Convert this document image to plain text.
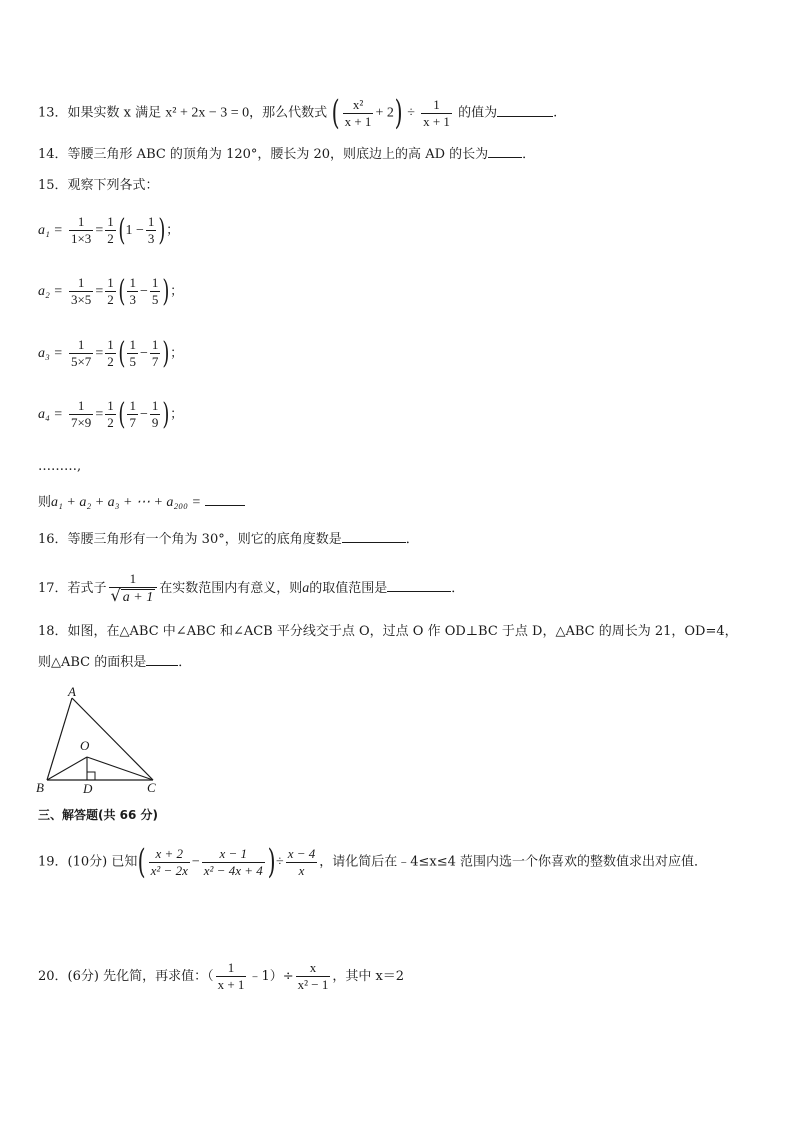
13．如果实数 x 满足 x² + 2x − 3 = 0，那么代数式 ( $\frac{\text{x²}}{x + 1} + 2) \div \frac{1}{x + 1}$ 的值为	.
14．等腰三角形 ABC 的顶角为 120°，腰长为 20，则底边上的高 AD 的长为	．
15．观察下列各式：
$a_1 = \frac{1}{1\times 3} = \frac{1}{2} (1 - \frac{1}{3}$ )；
$a_2 = \frac{1}{3\times 5} = \frac{1}{2}$ ( $\frac{1}{3} - \frac{1}{5}$ )；
$a_3 = \frac{1}{5\times 7} = \frac{1}{2}$ ( $\frac{1}{5} - \frac{1}{7}$ )；
$a_4 = \frac{1}{7\times 9} = \frac{1}{2}$ ( $\frac{1}{7} - \frac{1}{9}$ )；
………,
则a₁ + a₂ + a₃ + ⋯ + a₂₀₀ =
16．等腰三角形有一个角为 30°，则它的底角度数是	．
17．若式子 $\frac{1}{√ a + 1}$ 在实数范围内有意义，则a的取值范围是	．
18．如图，在△ABC 中∠ABC 和∠ACB 平分线交于点 O，过点 O 作 OD⊥BC 于点 D，△ABC 的周长为 21，OD=4，
则△ABC 的面积是 ．
A
B	C
O
D
三、解答题(共 66 分)
19．(10分) 已知( $\frac{x + 2}{\text{x² − 2x}} - \frac{x - 1}{\text{x² − 4x + 4}}$ )÷ $\frac{x - 4}{x}$ ，请化简后在﹣4≤x≤4 范围内选一个你喜欢的整数值求出对应值．
20．(6分) 先化简，再求值：（ $\frac{1}{x + 1}$ ﹣1）÷ $\frac{x}{\text{x² − 1}}$ ，其中 x＝2
